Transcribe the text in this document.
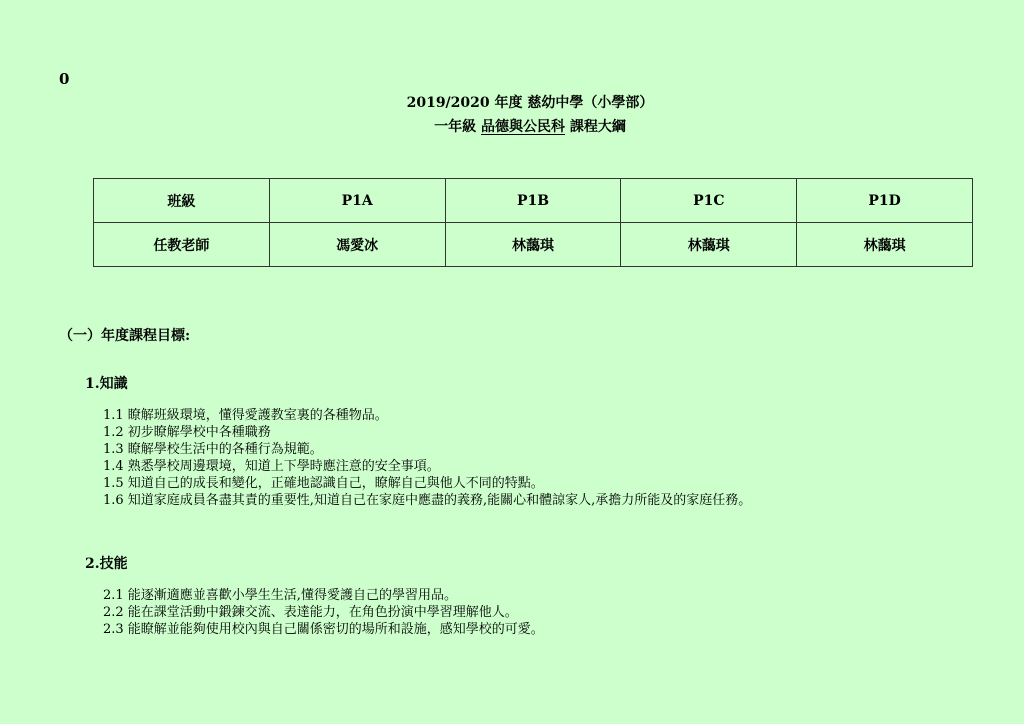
0
2019/2020 年度 慈幼中學（小學部）
一年級 品德與公民科 課程大綱
班級	P1A	P1B	P1C	P1D
任教老師	馮愛冰	林藹琪	林藹琪	林藹琪
（一）年度課程目標:
1.知識
1.1 瞭解班級環境，懂得愛護教室裏的各種物品。
1.2 初步瞭解學校中各種職務
1.3 瞭解學校生活中的各種行為規範。
1.4 熟悉學校周邊環境，知道上下學時應注意的安全事項。
1.5 知道自己的成長和變化，正確地認識自己，瞭解自己與他人不同的特點。
1.6 知道家庭成員各盡其責的重要性,知道自己在家庭中應盡的義務,能關心和體諒家人,承擔力所能及的家庭任務。
2.技能
2.1 能逐漸適應並喜歡小學生生活,懂得愛護自己的學習用品。
2.2 能在課堂活動中鍛鍊交流、表達能力，在角色扮演中學習理解他人。
2.3 能瞭解並能夠使用校內與自己關係密切的場所和設施，感知學校的可愛。
